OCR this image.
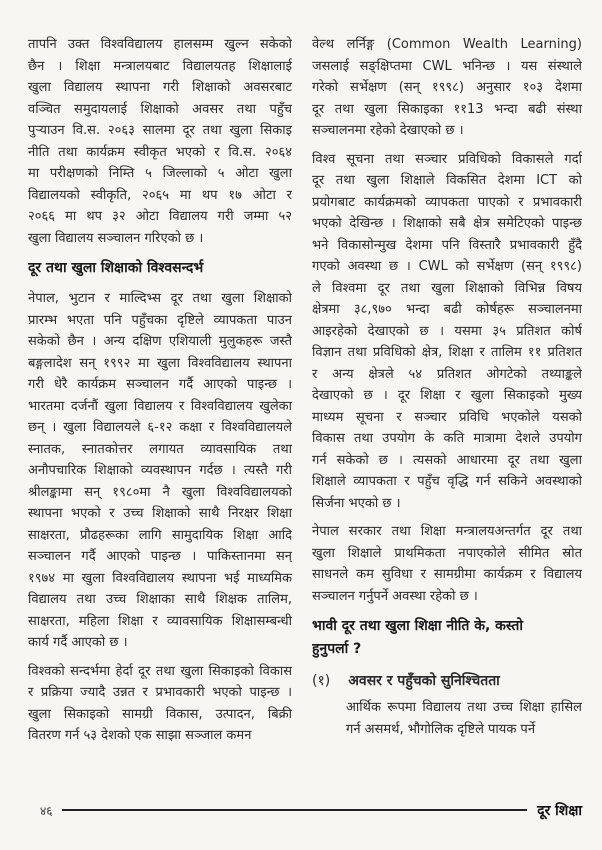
तापनि उक्त विश्वविद्यालय हालसम्म खुल्न सकेको
छैन । शिक्षा मन्त्रालयबाट विद्यालयतह शिक्षालाई
खुला विद्यालय स्थापना गरी शिक्षाको अवसरबाट
वञ्चित समुदायलाई शिक्षाको अवसर तथा पहुँच
पुर्‍याउन वि.स. २०६३ सालमा दूर तथा खुला सिकाइ
नीति तथा कार्यक्रम स्वीकृत भएको र वि.स. २०६४
मा परीक्षणको निम्ति ५ जिल्लाको ५ ओटा खुला
विद्यालयको स्वीकृति, २०६५ मा थप १७ ओटा र
२०६६ मा थप ३२ ओटा विद्यालय गरी जम्मा ५२
खुला विद्यालय सञ्चालन गरिएको छ ।
दूर तथा खुला शिक्षाको विश्वसन्दर्भ
नेपाल, भुटान र माल्दिभ्स दूर तथा खुला शिक्षाको
प्रारम्भ भएता पनि पहुँचका दृष्टिले व्यापकता पाउन
सकेको छैन । अन्य दक्षिण एशियाली मुलुकहरू जस्तै
बङ्गलादेश सन् १९९२ मा खुला विश्वविद्यालय स्थापना
गरी धेरै कार्यक्रम सञ्चालन गर्दै आएको पाइन्छ ।
भारतमा दर्जनौं खुला विद्यालय र विश्वविद्यालय खुलेका
छन् । खुला विद्यालयले ६-१२ कक्षा र विश्वविद्यालयले
स्नातक, स्नातकोत्तर लगायत व्यावसायिक तथा
अनौपचारिक शिक्षाको व्यवस्थापन गर्दछ । त्यस्तै गरी
श्रीलङ्कामा सन् १९८०मा नै खुला विश्वविद्यालयको
स्थापना भएको र उच्च शिक्षाको साथै निरक्षर शिक्षा
साक्षरता, प्रौढहरूका लागि सामुदायिक शिक्षा आदि
सञ्चालन गर्दै आएको पाइन्छ । पाकिस्तानमा सन्
१९७४ मा खुला विश्वविद्यालय स्थापना भई माध्यमिक
विद्यालय तथा उच्च शिक्षाका साथै शिक्षक तालिम,
साक्षरता, महिला शिक्षा र व्यावसायिक शिक्षासम्बन्धी
कार्य गर्दै आएको छ ।
विश्वको सन्दर्भमा हेर्दा दूर तथा खुला सिकाइको विकास
र प्रक्रिया ज्यादै उन्नत र प्रभावकारी भएको पाइन्छ ।
खुला सिकाइको सामग्री विकास, उत्पादन, बिक्री
वितरण गर्न ५३ देशको एक साझा सञ्जाल कमन
वेल्थ लर्निङ्ग (Common Wealth Learning)
जसलाई सङ्क्षिप्तमा CWL भनिन्छ । यस संस्थाले
गरेको सर्भेक्षण (सन् १९९८) अनुसार १०३ देशमा
दूर तथा खुला सिकाइका ११13 भन्दा बढी संस्था
सञ्चालनमा रहेको देखाएको छ ।
विश्व सूचना तथा सञ्चार प्रविधिको विकासले गर्दा
दूर तथा खुला शिक्षाले विकसित देशमा ICT को
प्रयोगबाट कार्यक्रमको व्यापकता पाएको र प्रभावकारी
भएको देखिन्छ । शिक्षाको सबै क्षेत्र समेटिएको पाइन्छ
भने विकासोन्मुख देशमा पनि विस्तारै प्रभावकारी हुँदै
गएको अवस्था छ । CWL को सर्भेक्षण (सन् १९९८)
ले विश्वमा दूर तथा खुला शिक्षाको विभिन्न विषय
क्षेत्रमा ३८,९७० भन्दा बढी कोर्षहरू सञ्चालनमा
आइरहेको देखाएको छ । यसमा ३५ प्रतिशत कोर्ष
विज्ञान तथा प्रविधिको क्षेत्र, शिक्षा र तालिम ११ प्रतिशत
र अन्य क्षेत्रले ५४ प्रतिशत ओगटेको तथ्याङ्कले
देखाएको छ । दूर शिक्षा र खुला सिकाइको मुख्य
माध्यम सूचना र सञ्चार प्रविधि भएकोले यसको
विकास तथा उपयोग के कति मात्रामा देशले उपयोग
गर्न सकेको छ । त्यसको आधारमा दूर तथा खुला
शिक्षाले व्यापकता र पहुँच वृद्धि गर्न सकिने अवस्थाको
सिर्जना भएको छ ।
नेपाल सरकार तथा शिक्षा मन्त्रालयअन्तर्गत दूर तथा
खुला शिक्षाले प्राथमिकता नपाएकोले सीमित स्रोत
साधनले कम सुविधा र सामग्रीमा कार्यक्रम र विद्यालय
सञ्चालन गर्नुपर्ने अवस्था रहेको छ ।
भावी दूर तथा खुला शिक्षा नीति के, कस्तो
हुनुपर्ला ?
(१) अवसर र पहुँचको सुनिश्चितता
आर्थिक रूपमा विद्यालय तथा उच्च शिक्षा हासिल
गर्न असमर्थ, भौगोलिक दृष्टिले पायक पर्ने
४६	दूर शिक्षा
